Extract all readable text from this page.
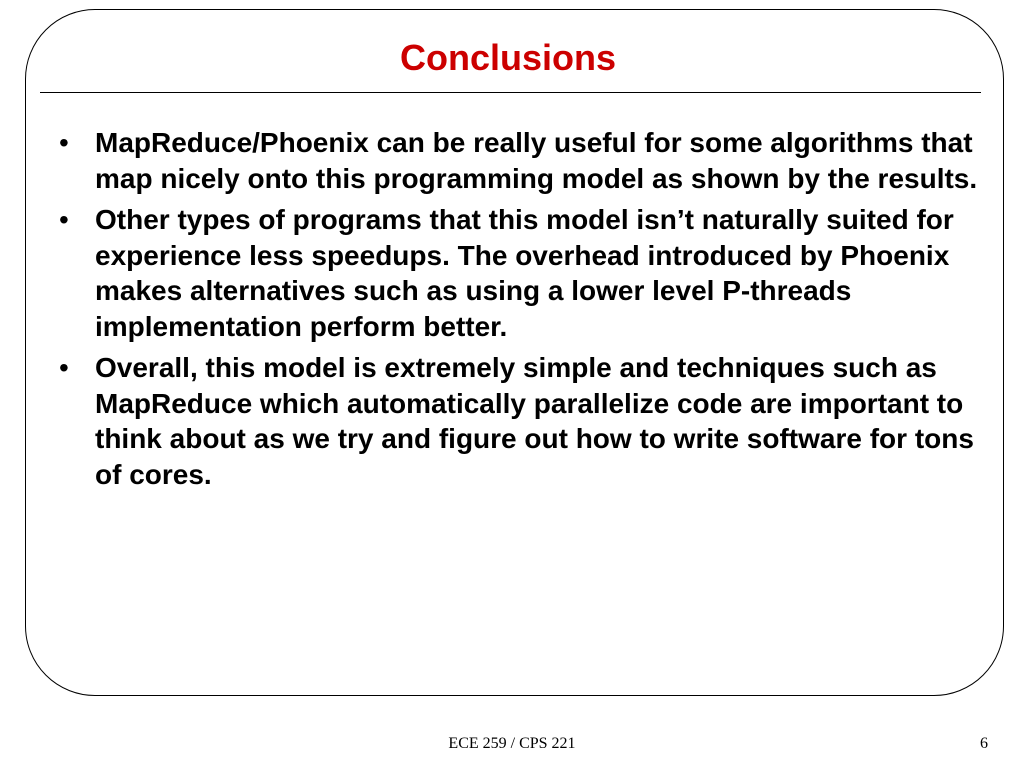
Conclusions
• MapReduce/Phoenix can be really useful for some algorithms that map nicely onto this programming model as shown by the results.
• Other types of programs that this model isn’t naturally suited for experience less speedups. The overhead introduced by Phoenix makes alternatives such as using a lower level P-threads implementation perform better.
• Overall, this model is extremely simple and techniques such as MapReduce which automatically parallelize code are important to think about as we try and figure out how to write software for tons of cores.
ECE 259 / CPS 221	6
